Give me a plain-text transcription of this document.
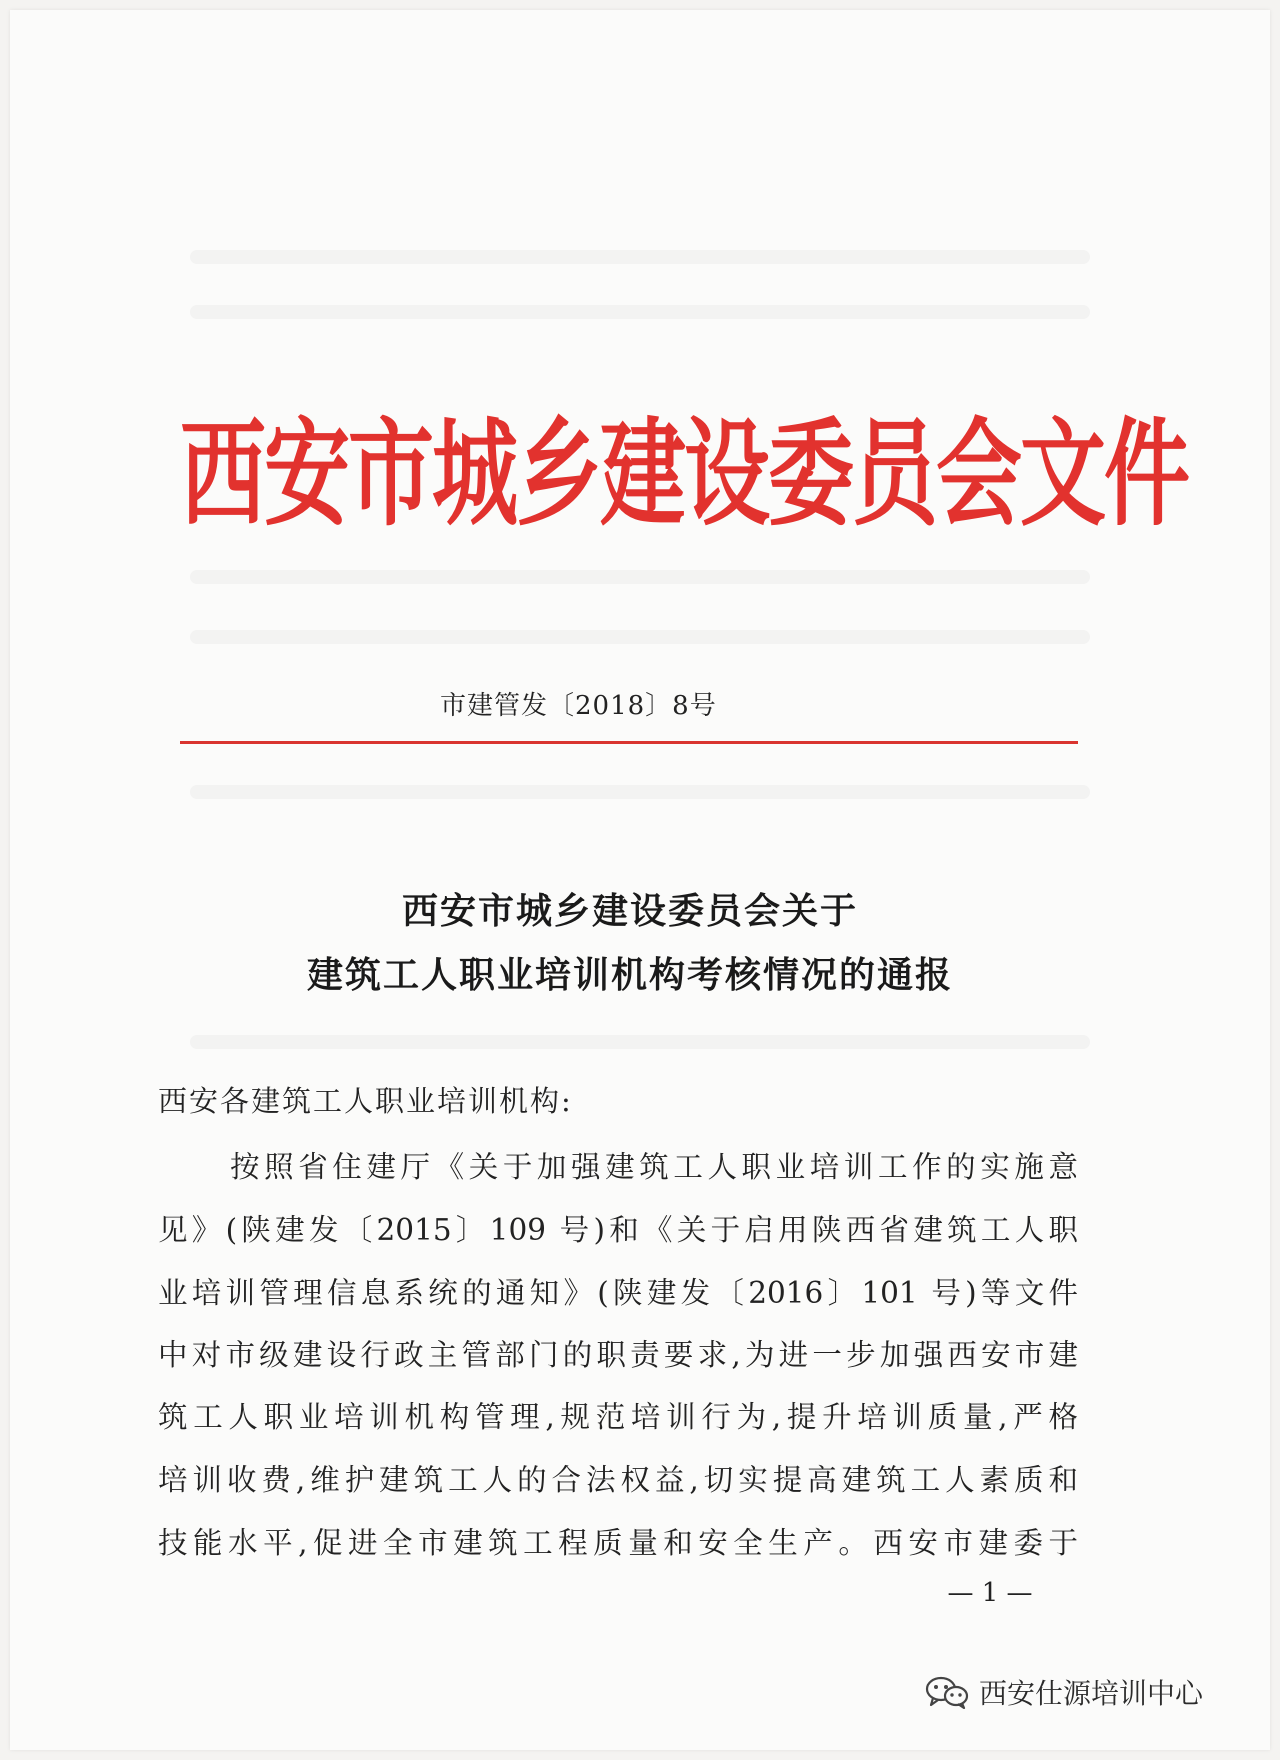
西安市城乡建设委员会文件
市建管发〔2018〕8号
西安市城乡建设委员会关于
建筑工人职业培训机构考核情况的通报
西安各建筑工人职业培训机构:
按照省住建厅《关于加强建筑工人职业培训工作的实施意
见》(陕建发〔2015〕109 号)和《关于启用陕西省建筑工人职
业培训管理信息系统的通知》(陕建发〔2016〕101 号)等文件
中对市级建设行政主管部门的职责要求,为进一步加强西安市建
筑工人职业培训机构管理,规范培训行为,提升培训质量,严格
培训收费,维护建筑工人的合法权益,切实提高建筑工人素质和
技能水平,促进全市建筑工程质量和安全生产。西安市建委于
— 1 —
西安仕源培训中心
